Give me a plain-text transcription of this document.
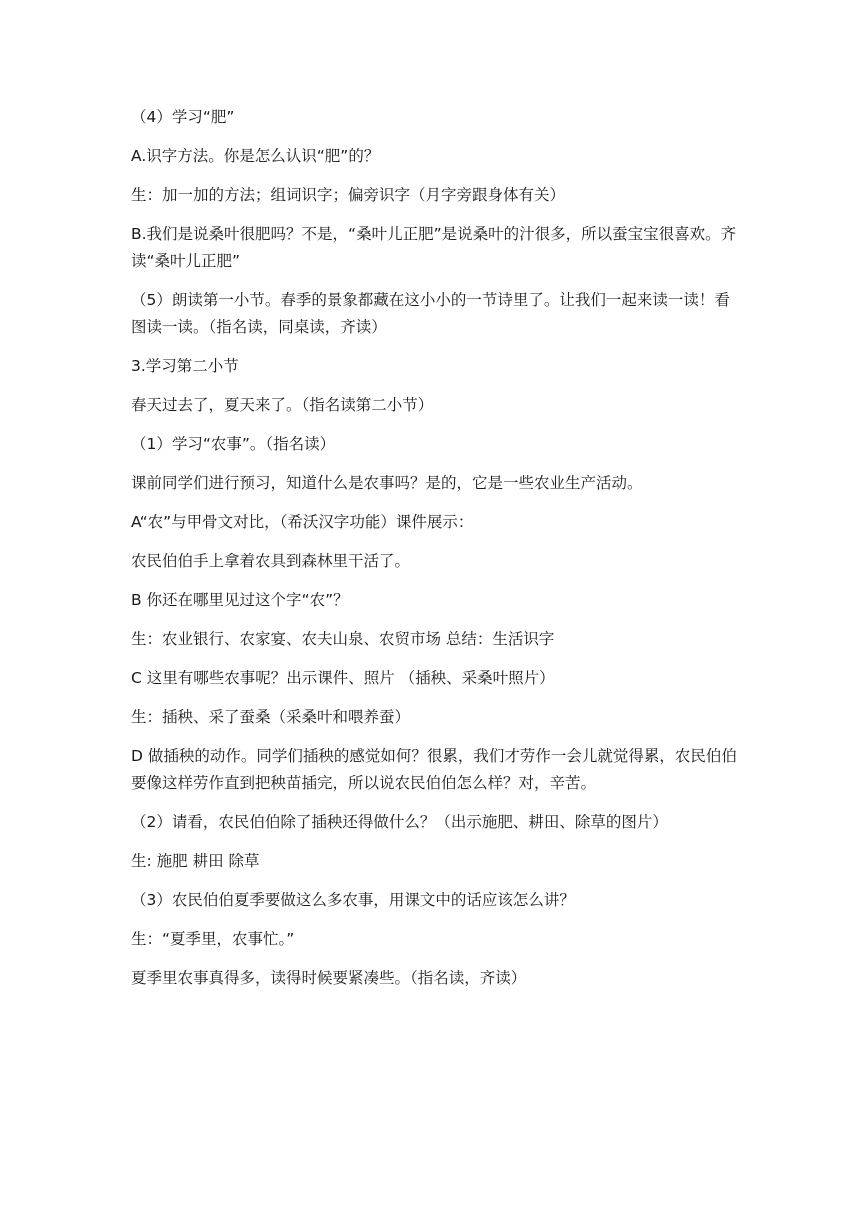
（4）学习“肥”

A.识字方法。你是怎么认识“肥”的？

生：加一加的方法；组词识字；偏旁识字（月字旁跟身体有关）

B.我们是说桑叶很肥吗？不是，“桑叶儿正肥”是说桑叶的汁很多，所以蚕宝宝很喜欢。齐读“桑叶儿正肥”

（5）朗读第一小节。春季的景象都藏在这小小的一节诗里了。让我们一起来读一读！看图读一读。（指名读，同桌读，齐读）

3.学习第二小节

春天过去了，夏天来了。（指名读第二小节）

（1）学习“农事”。（指名读）

课前同学们进行预习，知道什么是农事吗？是的，它是一些农业生产活动。

A“农”与甲骨文对比，（希沃汉字功能）课件展示：

农民伯伯手上拿着农具到森林里干活了。

B 你还在哪里见过这个字“农”？

生：农业银行、农家宴、农夫山泉、农贸市场 总结：生活识字

C 这里有哪些农事呢？出示课件、照片 （插秧、采桑叶照片）

生：插秧、采了蚕桑（采桑叶和喂养蚕）

D 做插秧的动作。同学们插秧的感觉如何？很累，我们才劳作一会儿就觉得累，农民伯伯要像这样劳作直到把秧苗插完，所以说农民伯伯怎么样？对，辛苦。

（2）请看，农民伯伯除了插秧还得做什么？（出示施肥、耕田、除草的图片）

生: 施肥 耕田 除草

（3）农民伯伯夏季要做这么多农事，用课文中的话应该怎么讲？

生：“夏季里，农事忙。”

夏季里农事真得多，读得时候要紧凑些。（指名读，齐读）
